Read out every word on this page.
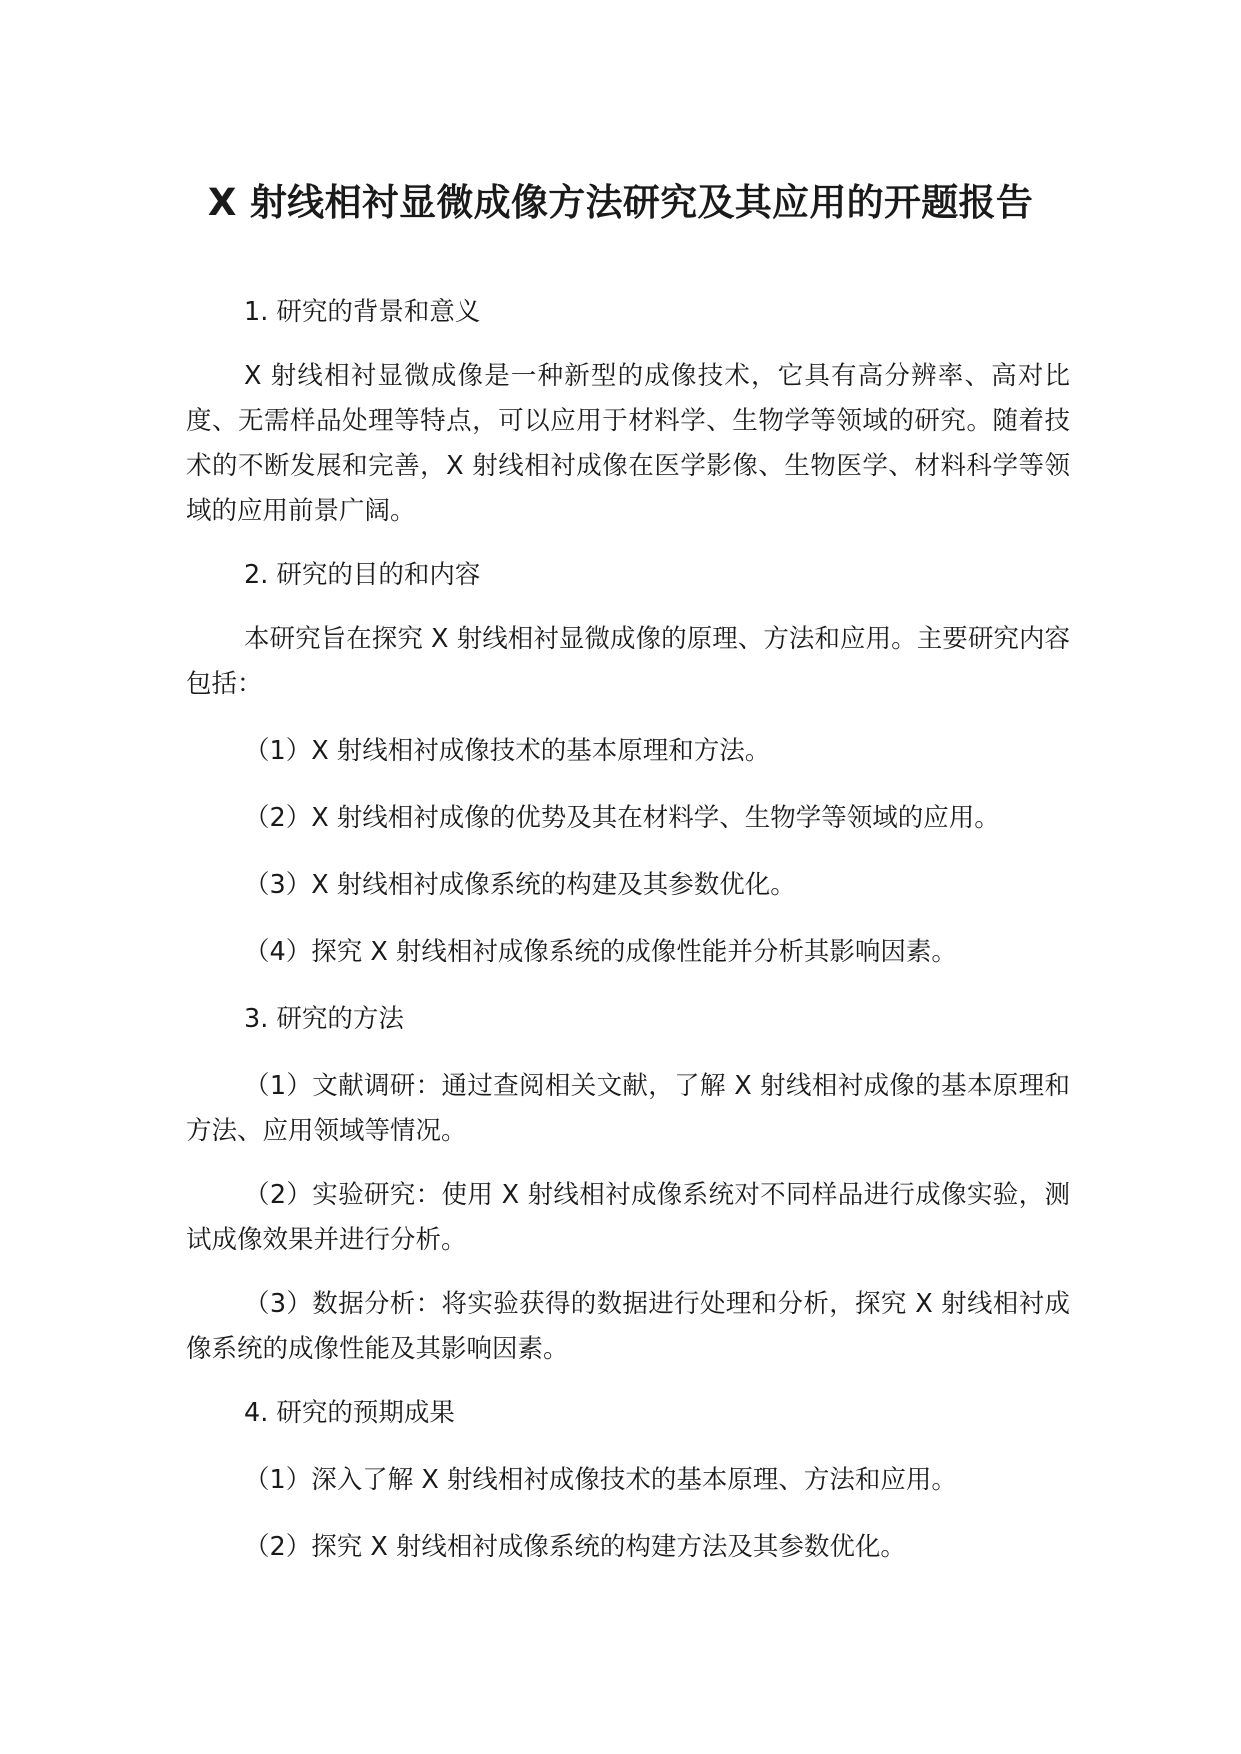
X 射线相衬显微成像方法研究及其应用的开题报告

1. 研究的背景和意义

X 射线相衬显微成像是一种新型的成像技术，它具有高分辨率、高对比度、无需样品处理等特点，可以应用于材料学、生物学等领域的研究。随着技术的不断发展和完善，X 射线相衬成像在医学影像、生物医学、材料科学等领域的应用前景广阔。

2. 研究的目的和内容

本研究旨在探究 X 射线相衬显微成像的原理、方法和应用。主要研究内容包括：

（1）X 射线相衬成像技术的基本原理和方法。

（2）X 射线相衬成像的优势及其在材料学、生物学等领域的应用。

（3）X 射线相衬成像系统的构建及其参数优化。

（4）探究 X 射线相衬成像系统的成像性能并分析其影响因素。

3. 研究的方法

（1）文献调研：通过查阅相关文献，了解 X 射线相衬成像的基本原理和方法、应用领域等情况。

（2）实验研究：使用 X 射线相衬成像系统对不同样品进行成像实验，测试成像效果并进行分析。

（3）数据分析：将实验获得的数据进行处理和分析，探究 X 射线相衬成像系统的成像性能及其影响因素。

4. 研究的预期成果

（1）深入了解 X 射线相衬成像技术的基本原理、方法和应用。

（2）探究 X 射线相衬成像系统的构建方法及其参数优化。
